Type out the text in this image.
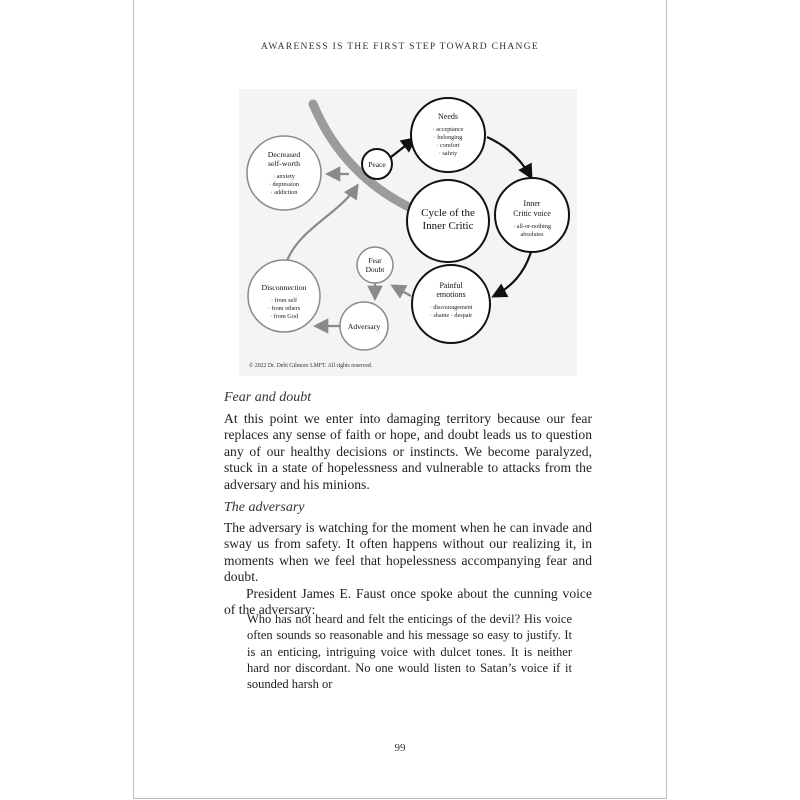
AWARENESS IS THE FIRST STEP TOWARD CHANGE
Cycle of the
Inner Critic
Needs
· acceptance
· belonging
· comfort
· safety
Peace
Inner
Critic voice
· all-or-nothing
absolutes
Painful
emotions
· discouragement
· shame · despair
Fear
Doubt
Adversary
Disconnection
· from self
· from others
· from God
Decreased
self-worth
· anxiety
· depression
· addiction
© 2022 Dr. Debi Gilmore LMFT. All rights reserved.
Fear and doubt

At this point we enter into damaging territory because our fear replaces any sense of faith or hope, and doubt leads us to question any of our healthy decisions or instincts. We become paralyzed, stuck in a state of hopelessness and vulnerable to attacks from the adversary and his minions.

The adversary

The adversary is watching for the moment when he can invade and sway us from safety. It often happens without our realizing it, in moments when we feel that hopelessness accompanying fear and doubt.

President James E. Faust once spoke about the cunning voice of the adversary:

Who has not heard and felt the enticings of the devil? His voice often sounds so reasonable and his message so easy to justify. It is an enticing, intriguing voice with dulcet tones. It is neither hard nor discordant. No one would listen to Satan’s voice if it sounded harsh or

99
